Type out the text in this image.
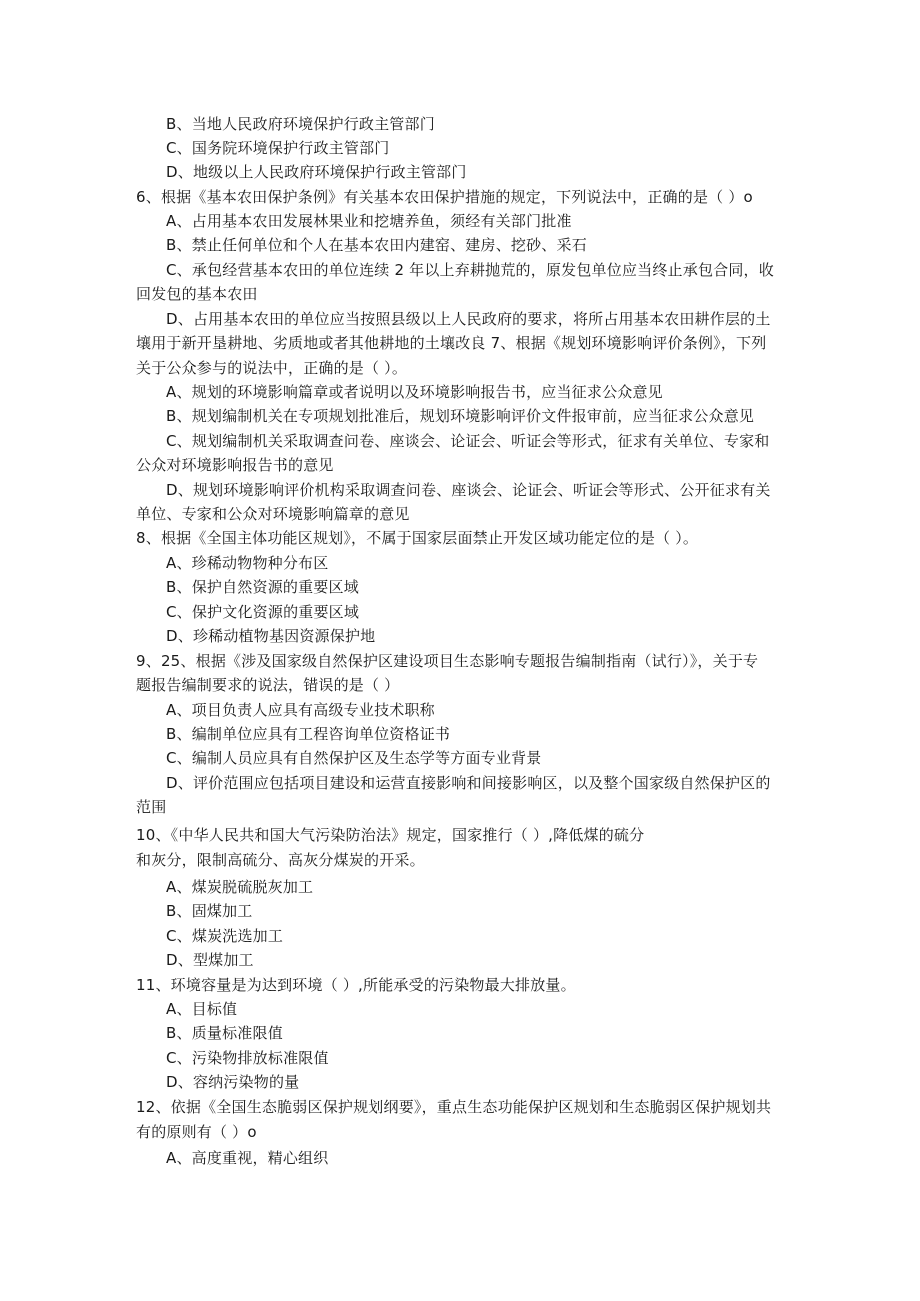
B、当地人民政府环境保护行政主管部门
C、国务院环境保护行政主管部门
D、地级以上人民政府环境保护行政主管部门
6、根据《基本农田保护条例》有关基本农田保护措施的规定，下列说法中，正确的是（ ）o
A、占用基本农田发展林果业和挖塘养鱼，须经有关部门批准
B、禁止任何单位和个人在基本农田内建窑、建房、挖砂、采石
C、承包经营基本农田的单位连续 2 年以上弃耕抛荒的，原发包单位应当终止承包合同，收
回发包的基本农田
D、占用基本农田的单位应当按照县级以上人民政府的要求，将所占用基本农田耕作层的土
壤用于新开垦耕地、劣质地或者其他耕地的土壤改良 7、根据《规划环境影响评价条例》，下列
关于公众参与的说法中，正确的是（ ）。
A、规划的环境影响篇章或者说明以及环境影响报告书，应当征求公众意见
B、规划编制机关在专项规划批准后，规划环境影响评价文件报审前，应当征求公众意见
C、规划编制机关采取调查问卷、座谈会、论证会、听证会等形式，征求有关单位、专家和
公众对环境影响报告书的意见
D、规划环境影响评价机构采取调查问卷、座谈会、论证会、听证会等形式、公开征求有关
单位、专家和公众对环境影响篇章的意见
8、根据《全国主体功能区规划》，不属于国家层面禁止开发区域功能定位的是（ ）。
A、珍稀动物物种分布区
B、保护自然资源的重要区域
C、保护文化资源的重要区域
D、珍稀动植物基因资源保护地
9、25、根据《涉及国家级自然保护区建设项目生态影响专题报告编制指南（试行）》，关于专
题报告编制要求的说法，错误的是（ ）
A、项目负责人应具有高级专业技术职称
B、编制单位应具有工程咨询单位资格证书
C、编制人员应具有自然保护区及生态学等方面专业背景
D、评价范围应包括项目建设和运营直接影响和间接影响区，以及整个国家级自然保护区的
范围
10、《中华人民共和国大气污染防治法》规定，国家推行（ ）,降低煤的硫分
和灰分，限制高硫分、高灰分煤炭的开采。
A、煤炭脱硫脱灰加工
B、固煤加工
C、煤炭洗选加工
D、型煤加工
11、环境容量是为达到环境（ ）,所能承受的污染物最大排放量。
A、目标值
B、质量标准限值
C、污染物排放标准限值
D、容纳污染物的量
12、依据《全国生态脆弱区保护规划纲要》，重点生态功能保护区规划和生态脆弱区保护规划共
有的原则有（ ）o
A、高度重视，精心组织
